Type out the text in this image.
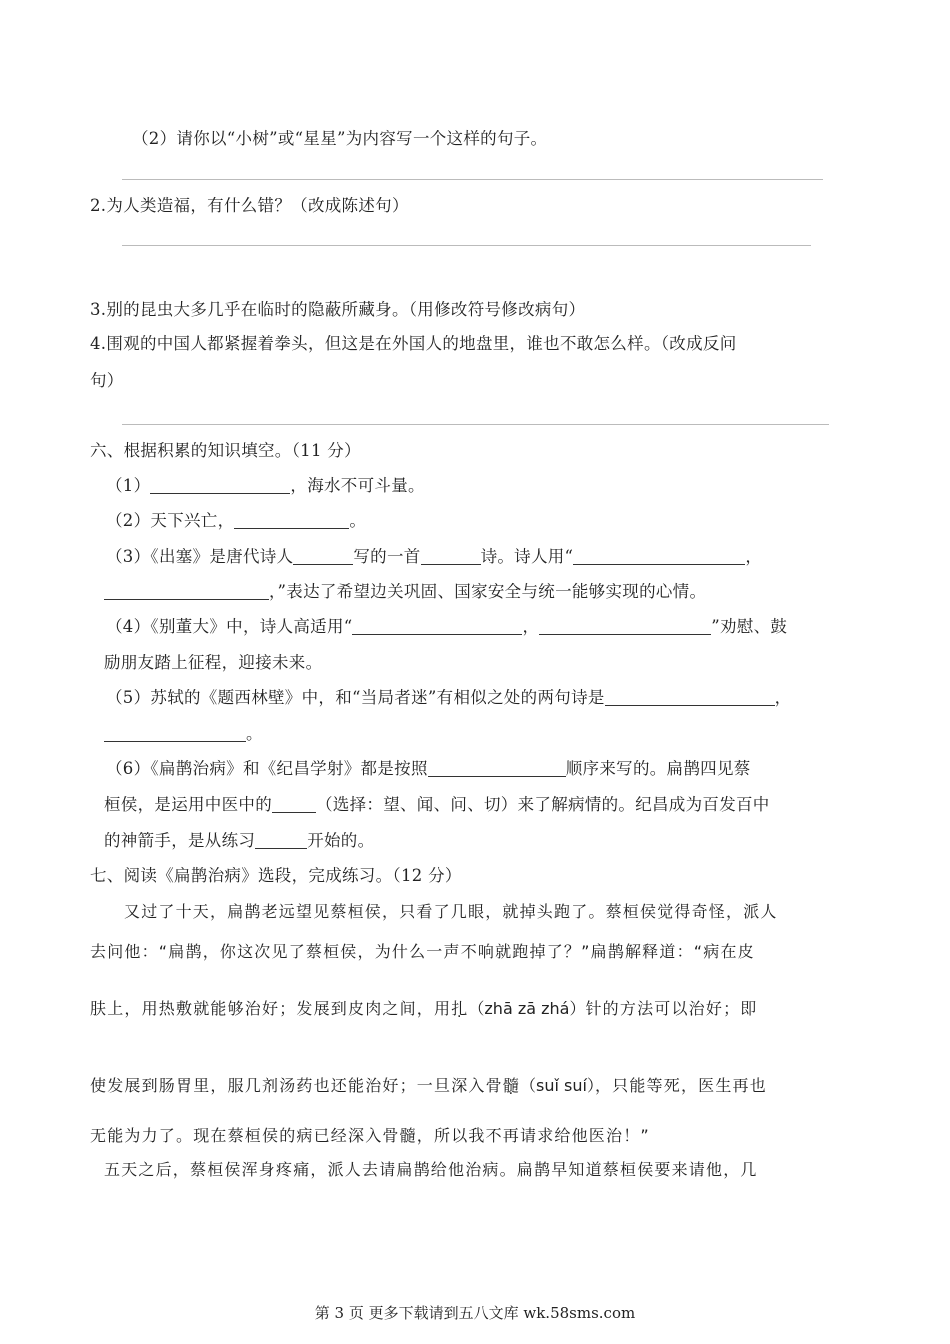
（2）请你以“小树”或“星星”为内容写一个这样的句子。
2.为人类造福，有什么错？（改成陈述句）
3.别的昆虫大多几乎在临时的隐蔽所藏身。（用修改符号修改病句）
4.围观的中国人都紧握着拳头，但这是在外国人的地盘里，谁也不敢怎么样。（改成反问
句）
六、根据积累的知识填空。（11 分）
（1）	，海水不可斗量。
（2）天下兴亡，	。
（3）《出塞》是唐代诗人	写的一首	诗。诗人用“	，
，”表达了希望边关巩固、国家安全与统一能够实现的心情。
（4）《别董大》中，诗人高适用“	，	”劝慰、鼓
励朋友踏上征程，迎接未来。
（5）苏轼的《题西林壁》中，和“当局者迷”有相似之处的两句诗是	，
。
（6）《扁鹊治病》和《纪昌学射》都是按照	顺序来写的。扁鹊四见蔡
桓侯，是运用中医中的	（选择：望、闻、问、切）来了解病情的。纪昌成为百发百中
的神箭手，是从练习	开始的。
七、阅读《扁鹊治病》选段，完成练习。（12 分）
又过了十天，扁鹊老远望见蔡桓侯，只看了几眼，就掉头跑了。蔡桓侯觉得奇怪，派人
去问他：“扁鹊，你这次见了蔡桓侯，为什么一声不响就跑掉了？”扁鹊解释道：“病在皮
肤上，用热敷就能够治好；发展到皮肉之间，用扎（zhā zā zhá）针的方法可以治好；即
使发展到肠胃里，服几剂汤药也还能治好；一旦深入骨髓（suǐ suí），只能等死，医生再也
无能为力了。现在蔡桓侯的病已经深入骨髓，所以我不再请求给他医治！”
五天之后，蔡桓侯浑身疼痛，派人去请扁鹊给他治病。扁鹊早知道蔡桓侯要来请他，几
第 3 页 更多下载请到五八文库 wk.58sms.com
